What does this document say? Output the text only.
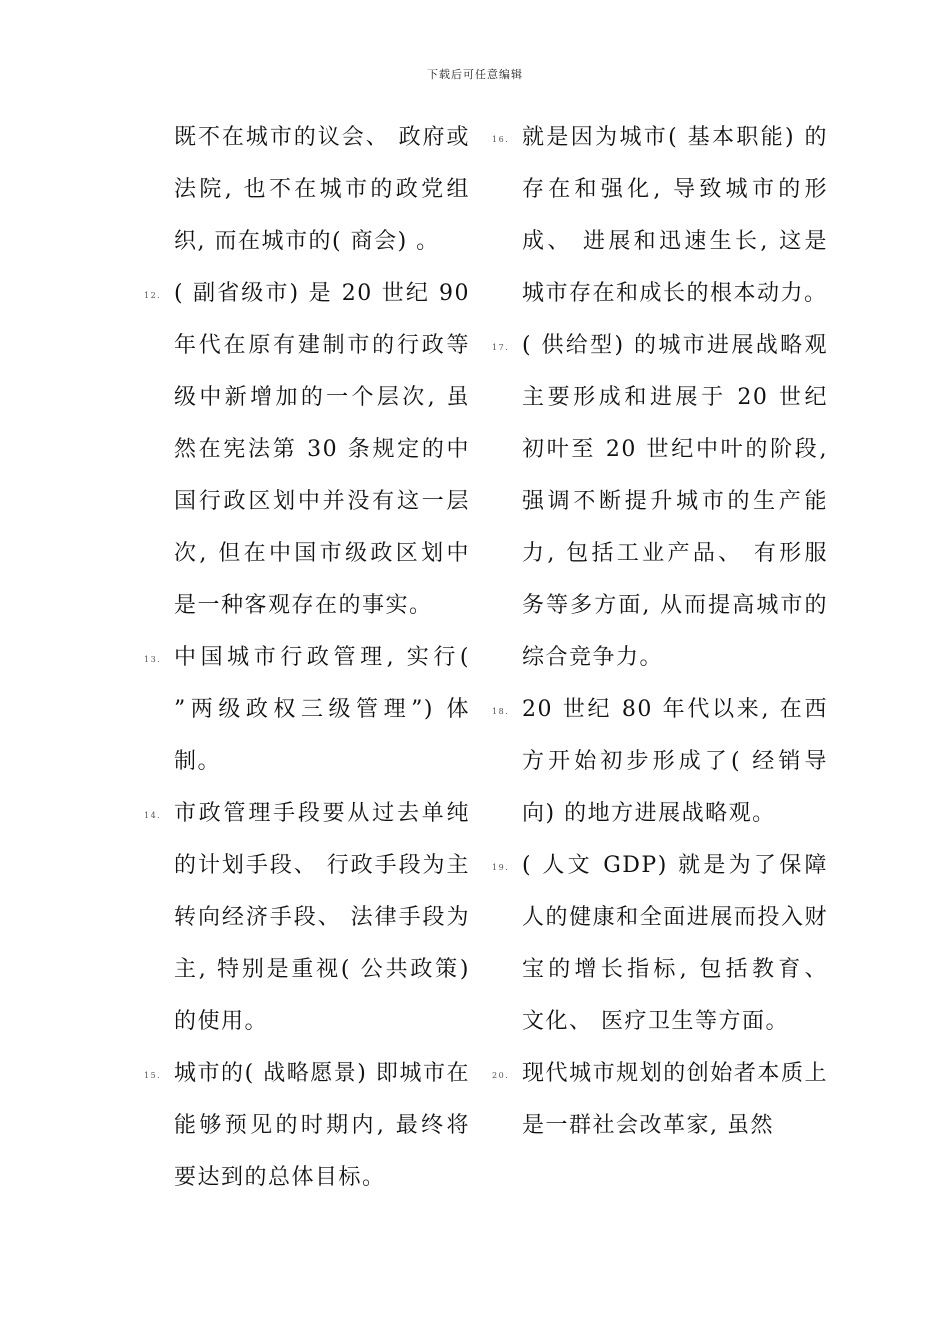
下载后可任意编辑
既不在城市的议会、 政府或法院, 也不在城市的政党组织, 而在城市的( 商会) 。
12. ( 副省级市) 是 20 世纪 90 年代在原有建制市的行政等级中新增加的一个层次, 虽然在宪法第 30 条规定的中国行政区划中并没有这一层次, 但在中国市级政区划中是一种客观存在的事实。
13. 中国城市行政管理, 实行( ”两级政权三级管理”) 体制。
14. 市政管理手段要从过去单纯的计划手段、 行政手段为主转向经济手段、 法律手段为主, 特别是重视( 公共政策) 的使用。
15. 城市的( 战略愿景) 即城市在能够预见的时期内, 最终将要达到的总体目标。
16. 就是因为城市( 基本职能) 的存在和强化, 导致城市的形成、 进展和迅速生长, 这是城市存在和成长的根本动力。
17. ( 供给型) 的城市进展战略观主要形成和进展于 20 世纪初叶至 20 世纪中叶的阶段, 强调不断提升城市的生产能力, 包括工业产品、 有形服务等多方面, 从而提高城市的综合竞争力。
18. 20 世纪 80 年代以来, 在西方开始初步形成了( 经销导向) 的地方进展战略观。
19. ( 人文 GDP) 就是为了保障人的健康和全面进展而投入财宝的增长指标, 包括教育、 文化、 医疗卫生等方面。
20. 现代城市规划的创始者本质上是一群社会改革家, 虽然
